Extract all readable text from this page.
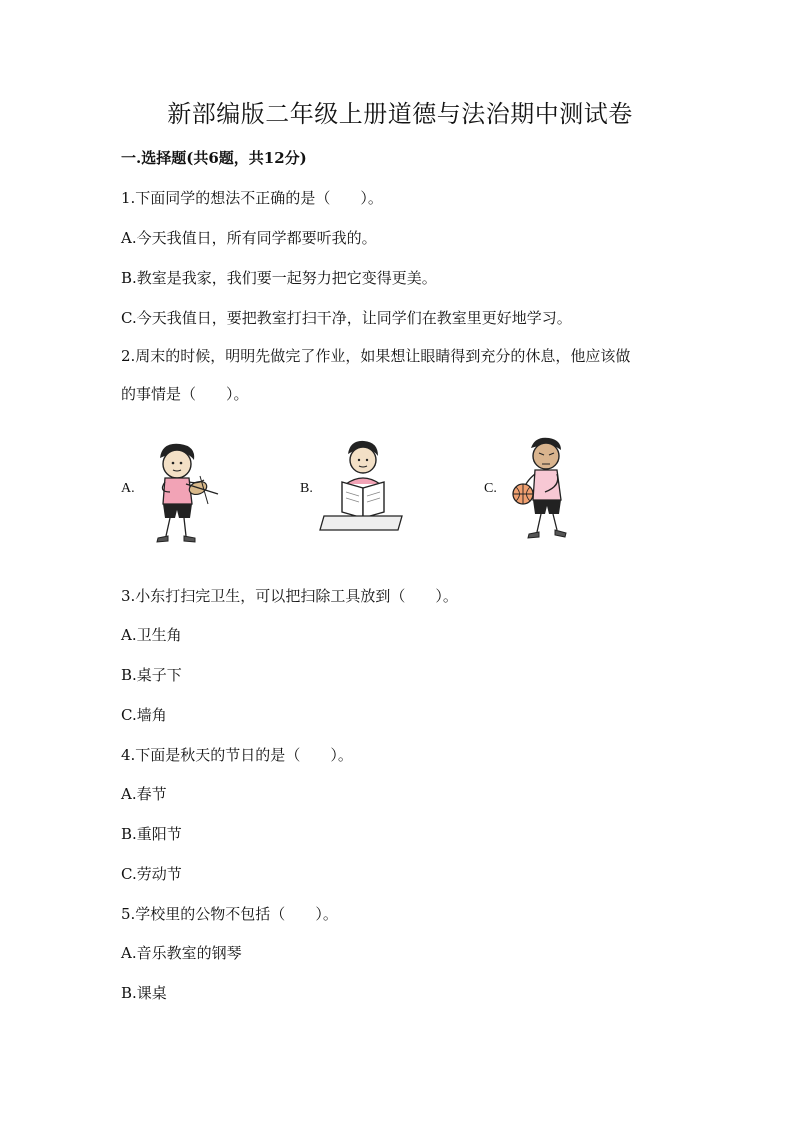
新部编版二年级上册道德与法治期中测试卷

一.选择题(共6题，共12分)

1.下面同学的想法不正确的是（　　）。

A.今天我值日，所有同学都要听我的。

B.教室是我家，我们要一起努力把它变得更美。

C.今天我值日，要把教室打扫干净，让同学们在教室里更好地学习。

2.周末的时候，明明先做完了作业，如果想让眼睛得到充分的休息，他应该做

的事情是（　　）。

A.	B.	C.

3.小东打扫完卫生，可以把扫除工具放到（　　）。

A.卫生角

B.桌子下

C.墙角

4.下面是秋天的节日的是（　　）。

A.春节

B.重阳节

C.劳动节

5.学校里的公物不包括（　　）。

A.音乐教室的钢琴

B.课桌
